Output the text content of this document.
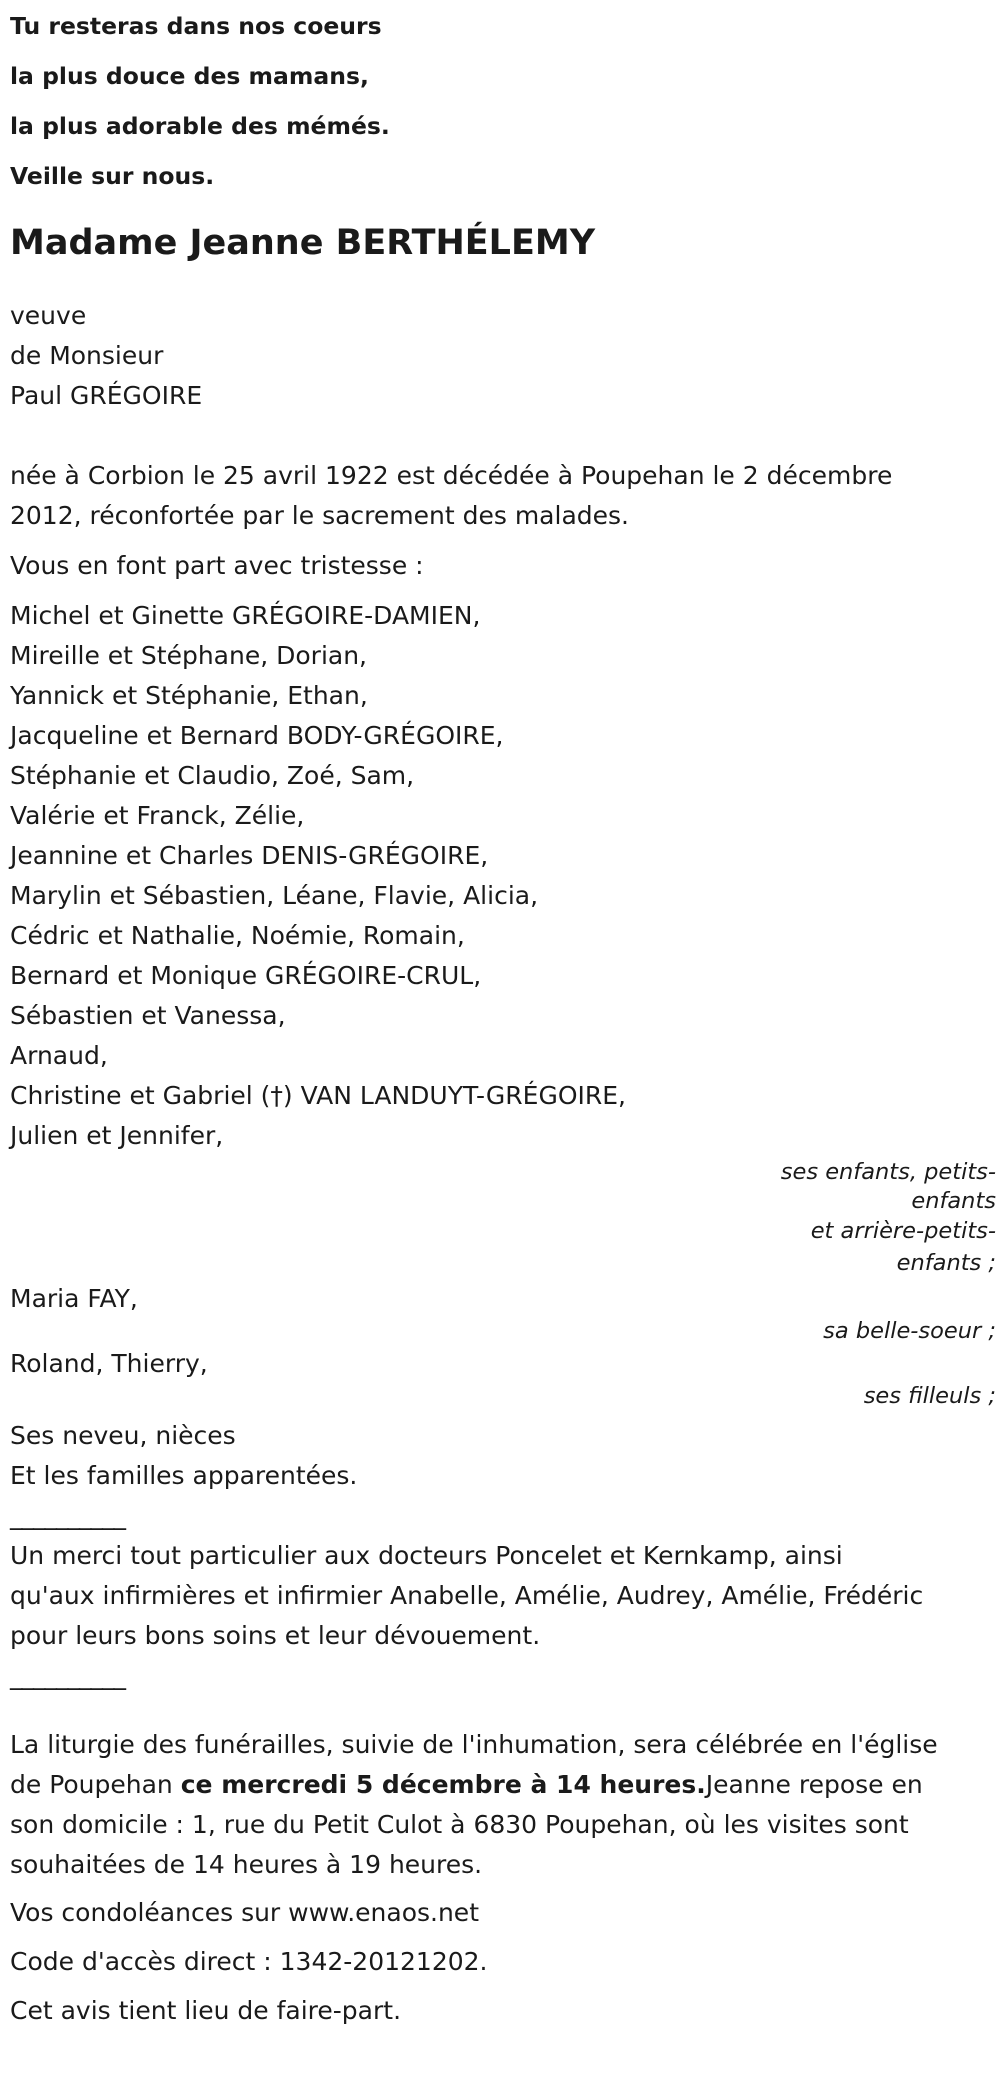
Tu resteras dans nos coeurs

la plus douce des mamans,

la plus adorable des mémés.

Veille sur nous.

Madame Jeanne BERTHÉLEMY

veuve

de Monsieur

Paul GRÉGOIRE

née à Corbion le 25 avril 1922 est décédée à Poupehan le 2 décembre

2012, réconfortée par le sacrement des malades.

Vous en font part avec tristesse :

Michel et Ginette GRÉGOIRE-DAMIEN,

Mireille et Stéphane, Dorian,

Yannick et Stéphanie, Ethan,

Jacqueline et Bernard BODY-GRÉGOIRE,

Stéphanie et Claudio, Zoé, Sam,

Valérie et Franck, Zélie,

Jeannine et Charles DENIS-GRÉGOIRE,

Marylin et Sébastien, Léane, Flavie, Alicia,

Cédric et Nathalie, Noémie, Romain,

Bernard et Monique GRÉGOIRE-CRUL,

Sébastien et Vanessa,

Arnaud,

Christine et Gabriel (†) VAN LANDUYT-GRÉGOIRE,

Julien et Jennifer,

ses enfants, petits-

enfants

et arrière-petits-

enfants ;

Maria FAY,

sa belle-soeur ;

Roland, Thierry,

ses filleuls ;

Ses neveu, nièces

Et les familles apparentées.

__________

Un merci tout particulier aux docteurs Poncelet et Kernkamp, ainsi

qu'aux infirmières et infirmier Anabelle, Amélie, Audrey, Amélie, Frédéric

pour leurs bons soins et leur dévouement.

__________

La liturgie des funérailles, suivie de l'inhumation, sera célébrée en l'église

de Poupehan ce mercredi 5 décembre à 14 heures.Jeanne repose en

son domicile : 1, rue du Petit Culot à 6830 Poupehan, où les visites sont

souhaitées de 14 heures à 19 heures.

Vos condoléances sur www.enaos.net

Code d'accès direct : 1342-20121202.

Cet avis tient lieu de faire-part.
